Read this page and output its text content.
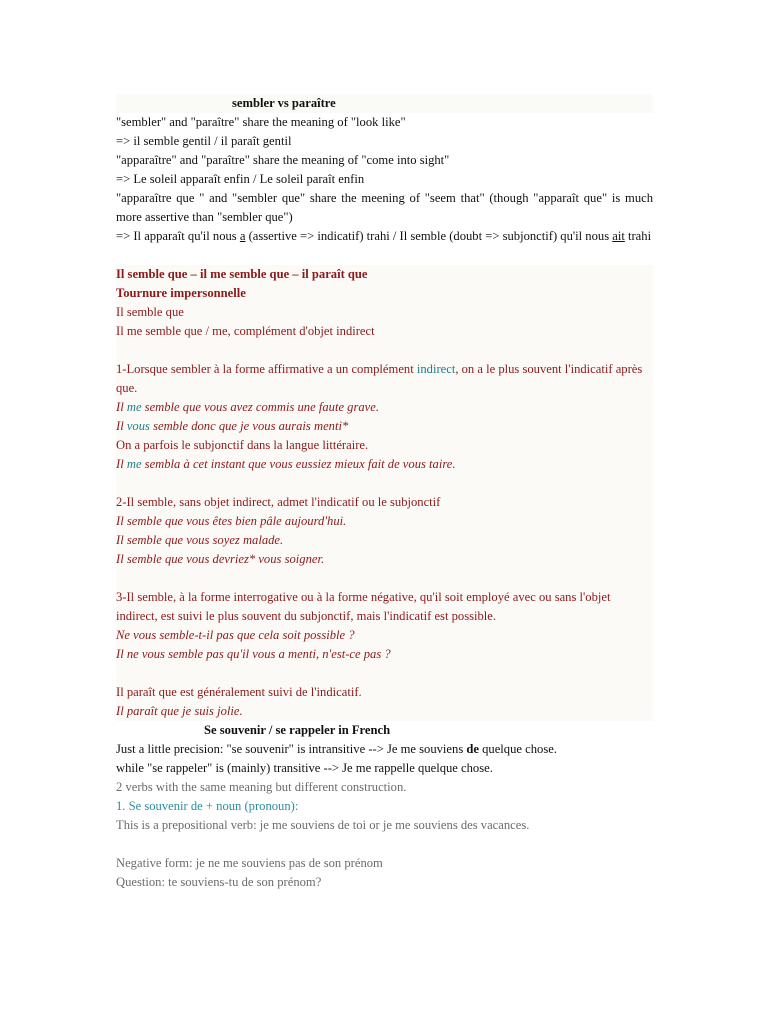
sembler vs paraître
"sembler" and "paraître" share the meaning of "look like"
=> il semble gentil / il paraît gentil
"apparaître" and "paraître" share the meaning of "come into sight"
=> Le soleil apparaît enfin / Le soleil paraît enfin
"apparaître que " and "sembler que" share the meening of "seem that" (though "apparaît que" is much more assertive than "sembler que")
=> Il apparaît qu'il nous a (assertive => indicatif) trahi / Il semble (doubt => subjonctif) qu'il nous ait trahi
Il semble que – il me semble que – il paraît que
Tournure impersonnelle
Il semble que
Il me semble que / me, complément d'objet indirect
1-Lorsque sembler à la forme affirmative a un complément indirect, on a le plus souvent l'indicatif après que.
Il me semble que vous avez commis une faute grave.
Il vous semble donc que je vous aurais menti*
On a parfois le subjonctif dans la langue littéraire.
Il me sembla à cet instant que vous eussiez mieux fait de vous taire.
2-Il semble, sans objet indirect, admet l'indicatif ou le subjonctif
Il semble que vous êtes bien pâle aujourd'hui.
Il semble que vous soyez malade.
Il semble que vous devriez* vous soigner.
3-Il semble, à la forme interrogative ou à la forme négative, qu'il soit employé avec ou sans l'objet indirect, est suivi le plus souvent du subjonctif, mais l'indicatif est possible.
Ne vous semble-t-il pas que cela soit possible ?
Il ne vous semble pas qu'il vous a menti, n'est-ce pas ?
Il paraît que est généralement suivi de l'indicatif.
Il paraît que je suis jolie.
Se souvenir / se rappeler in French
Just a little precision: "se souvenir" is intransitive --> Je me souviens de quelque chose.
while "se rappeler" is (mainly) transitive --> Je me rappelle quelque chose.
2 verbs with the same meaning but different construction.
1. Se souvenir de + noun (pronoun):
This is a prepositional verb: je me souviens de toi or je me souviens des vacances.
Negative form: je ne me souviens pas de son prénom
Question: te souviens-tu de son prénom?
